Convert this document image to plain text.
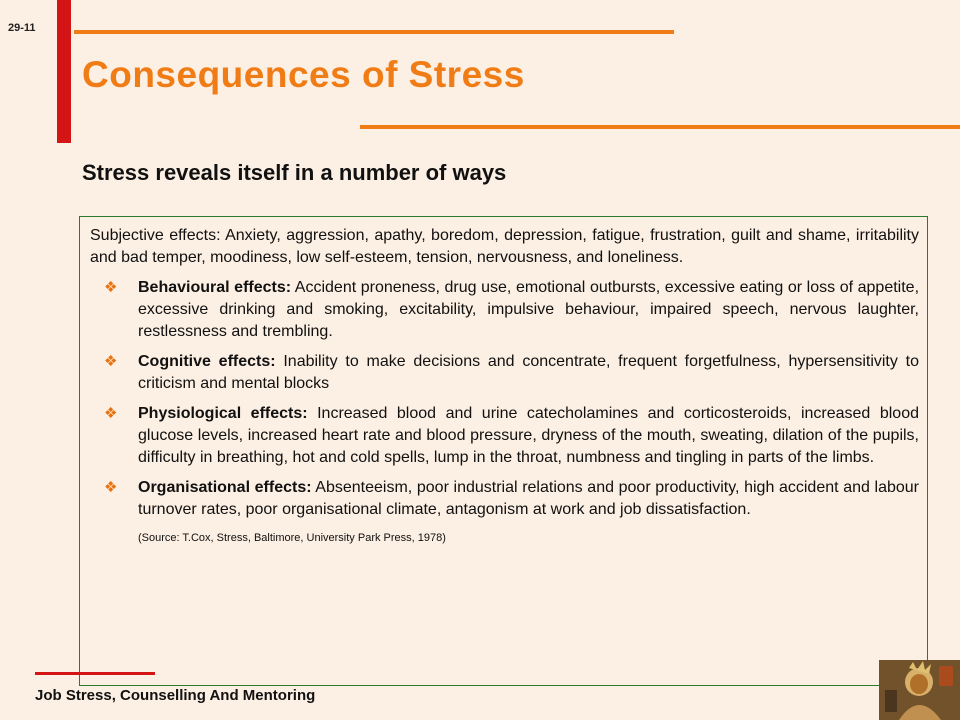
29-11
Consequences of Stress
Stress reveals itself in a number of ways

Subjective effects: Anxiety, aggression, apathy, boredom, depression, fatigue, frustration, guilt and shame, irritability and bad temper, moodiness, low self-esteem, tension, nervousness, and loneliness.

❖ Behavioural effects: Accident proneness, drug use, emotional outbursts, excessive eating or loss of appetite, excessive drinking and smoking, excitability, impulsive behaviour, impaired speech, nervous laughter, restlessness and trembling.
❖ Cognitive effects: Inability to make decisions and concentrate, frequent forgetfulness, hypersensitivity to criticism and mental blocks
❖ Physiological effects: Increased blood and urine catecholamines and corticosteroids, increased blood glucose levels, increased heart rate and blood pressure, dryness of the mouth, sweating, dilation of the pupils, difficulty in breathing, hot and cold spells, lump in the throat, numbness and tingling in parts of the limbs.
❖ Organisational effects: Absenteeism, poor industrial relations and poor productivity, high accident and labour turnover rates, poor organisational climate, antagonism at work and job dissatisfaction.
(Source: T.Cox, Stress, Baltimore, University Park Press, 1978)
Job Stress, Counselling And Mentoring
